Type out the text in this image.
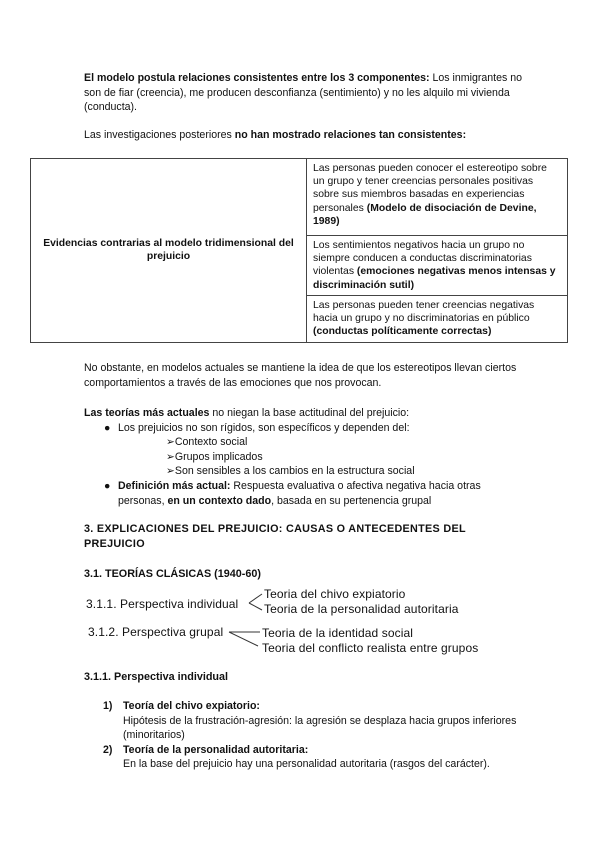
El modelo postula relaciones consistentes entre los 3 componentes: Los inmigrantes no son de fiar (creencia), me producen desconfianza (sentimiento) y no les alquilo mi vivienda (conducta).

Las investigaciones posteriores no han mostrado relaciones tan consistentes:

Evidencias contrarias al modelo tridimensional del prejuicio	Las personas pueden conocer el estereotipo sobre un grupo y tener creencias personales positivas sobre sus miembros basadas en experiencias personales (Modelo de disociación de Devine, 1989)
Los sentimientos negativos hacia un grupo no siempre conducen a conductas discriminatorias violentas (emociones negativas menos intensas y discriminación sutil)
Las personas pueden tener creencias negativas hacia un grupo y no discriminatorias en público (conductas políticamente correctas)

No obstante, en modelos actuales se mantiene la idea de que los estereotipos llevan ciertos comportamientos a través de las emociones que nos provocan.

Las teorías más actuales no niegan la base actitudinal del prejuicio:

● Los prejuicios no son rígidos, son específicos y dependen del:
➢Contexto social
➢Grupos implicados
➢Son sensibles a los cambios en la estructura social
● Definición más actual: Respuesta evaluativa o afectiva negativa hacia otras personas, en un contexto dado, basada en su pertenencia grupal
3. EXPLICACIONES DEL PREJUICIO: CAUSAS O ANTECEDENTES DEL PREJUICIO
3.1. TEORÍAS CLÁSICAS (1940-60)
3.1.1. Perspectiva individual
Teoria del chivo expiatorio
Teoria de la personalidad autoritaria
3.1.2. Perspectiva grupal	Teoria de la identidad social
Teoria del conflicto realista entre grupos
3.1.1. Perspectiva individual
1) Teoría del chivo expiatorio:
Hipótesis de la frustración-agresión: la agresión se desplaza hacia grupos inferiores (minoritarios)
2) Teoría de la personalidad autoritaria:
En la base del prejuicio hay una personalidad autoritaria (rasgos del carácter).
